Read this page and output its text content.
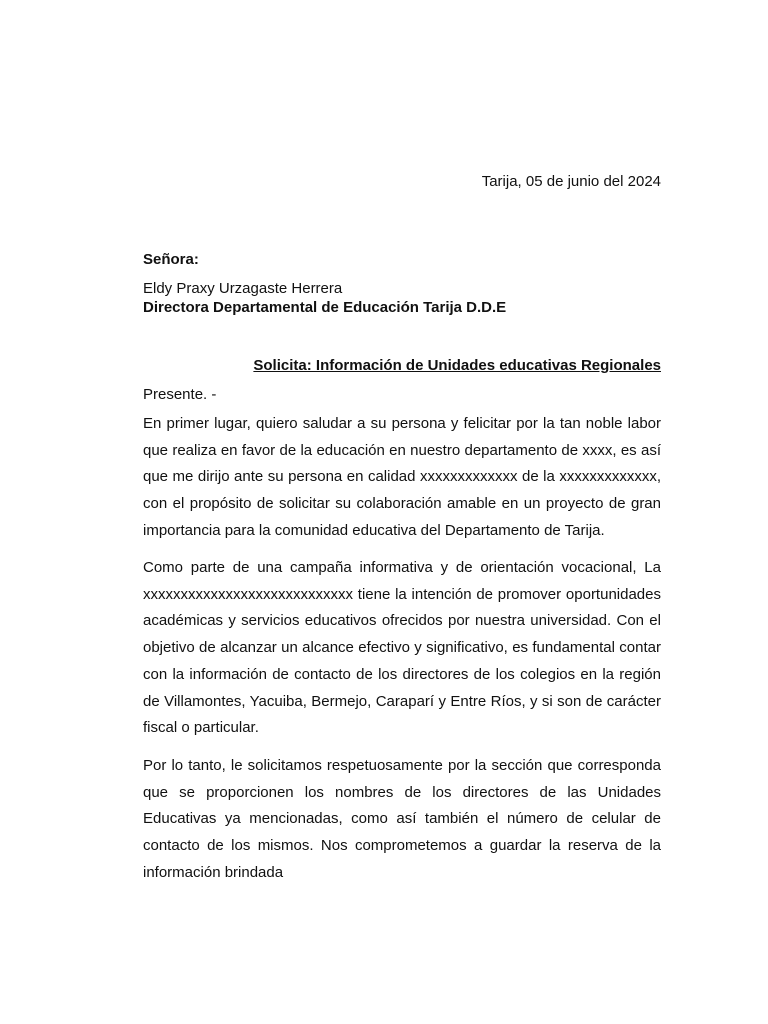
Tarija, 05 de junio del 2024
Señora:
Eldy Praxy Urzagaste Herrera
Directora Departamental de Educación Tarija D.D.E
Solicita: Información de Unidades educativas Regionales
Presente. -

En primer lugar, quiero saludar a su persona y felicitar por la tan noble labor que realiza en favor de la educación en nuestro departamento de xxxx, es así que me dirijo ante su persona en calidad xxxxxxxxxxxxx de la xxxxxxxxxxxxx, con el propósito de solicitar su colaboración amable en un proyecto de gran importancia para la comunidad educativa del Departamento de Tarija.

Como parte de una campaña informativa y de orientación vocacional, La xxxxxxxxxxxxxxxxxxxxxxxxxxxx tiene la intención de promover oportunidades académicas y servicios educativos ofrecidos por nuestra universidad. Con el objetivo de alcanzar un alcance efectivo y significativo, es fundamental contar con la información de contacto de los directores de los colegios en la región de Villamontes, Yacuiba, Bermejo, Caraparí y Entre Ríos, y si son de carácter fiscal o particular.

Por lo tanto, le solicitamos respetuosamente por la sección que corresponda que se proporcionen los nombres de los directores de las Unidades Educativas ya mencionadas, como así también el número de celular de contacto de los mismos. Nos comprometemos a guardar la reserva de la información brindada
